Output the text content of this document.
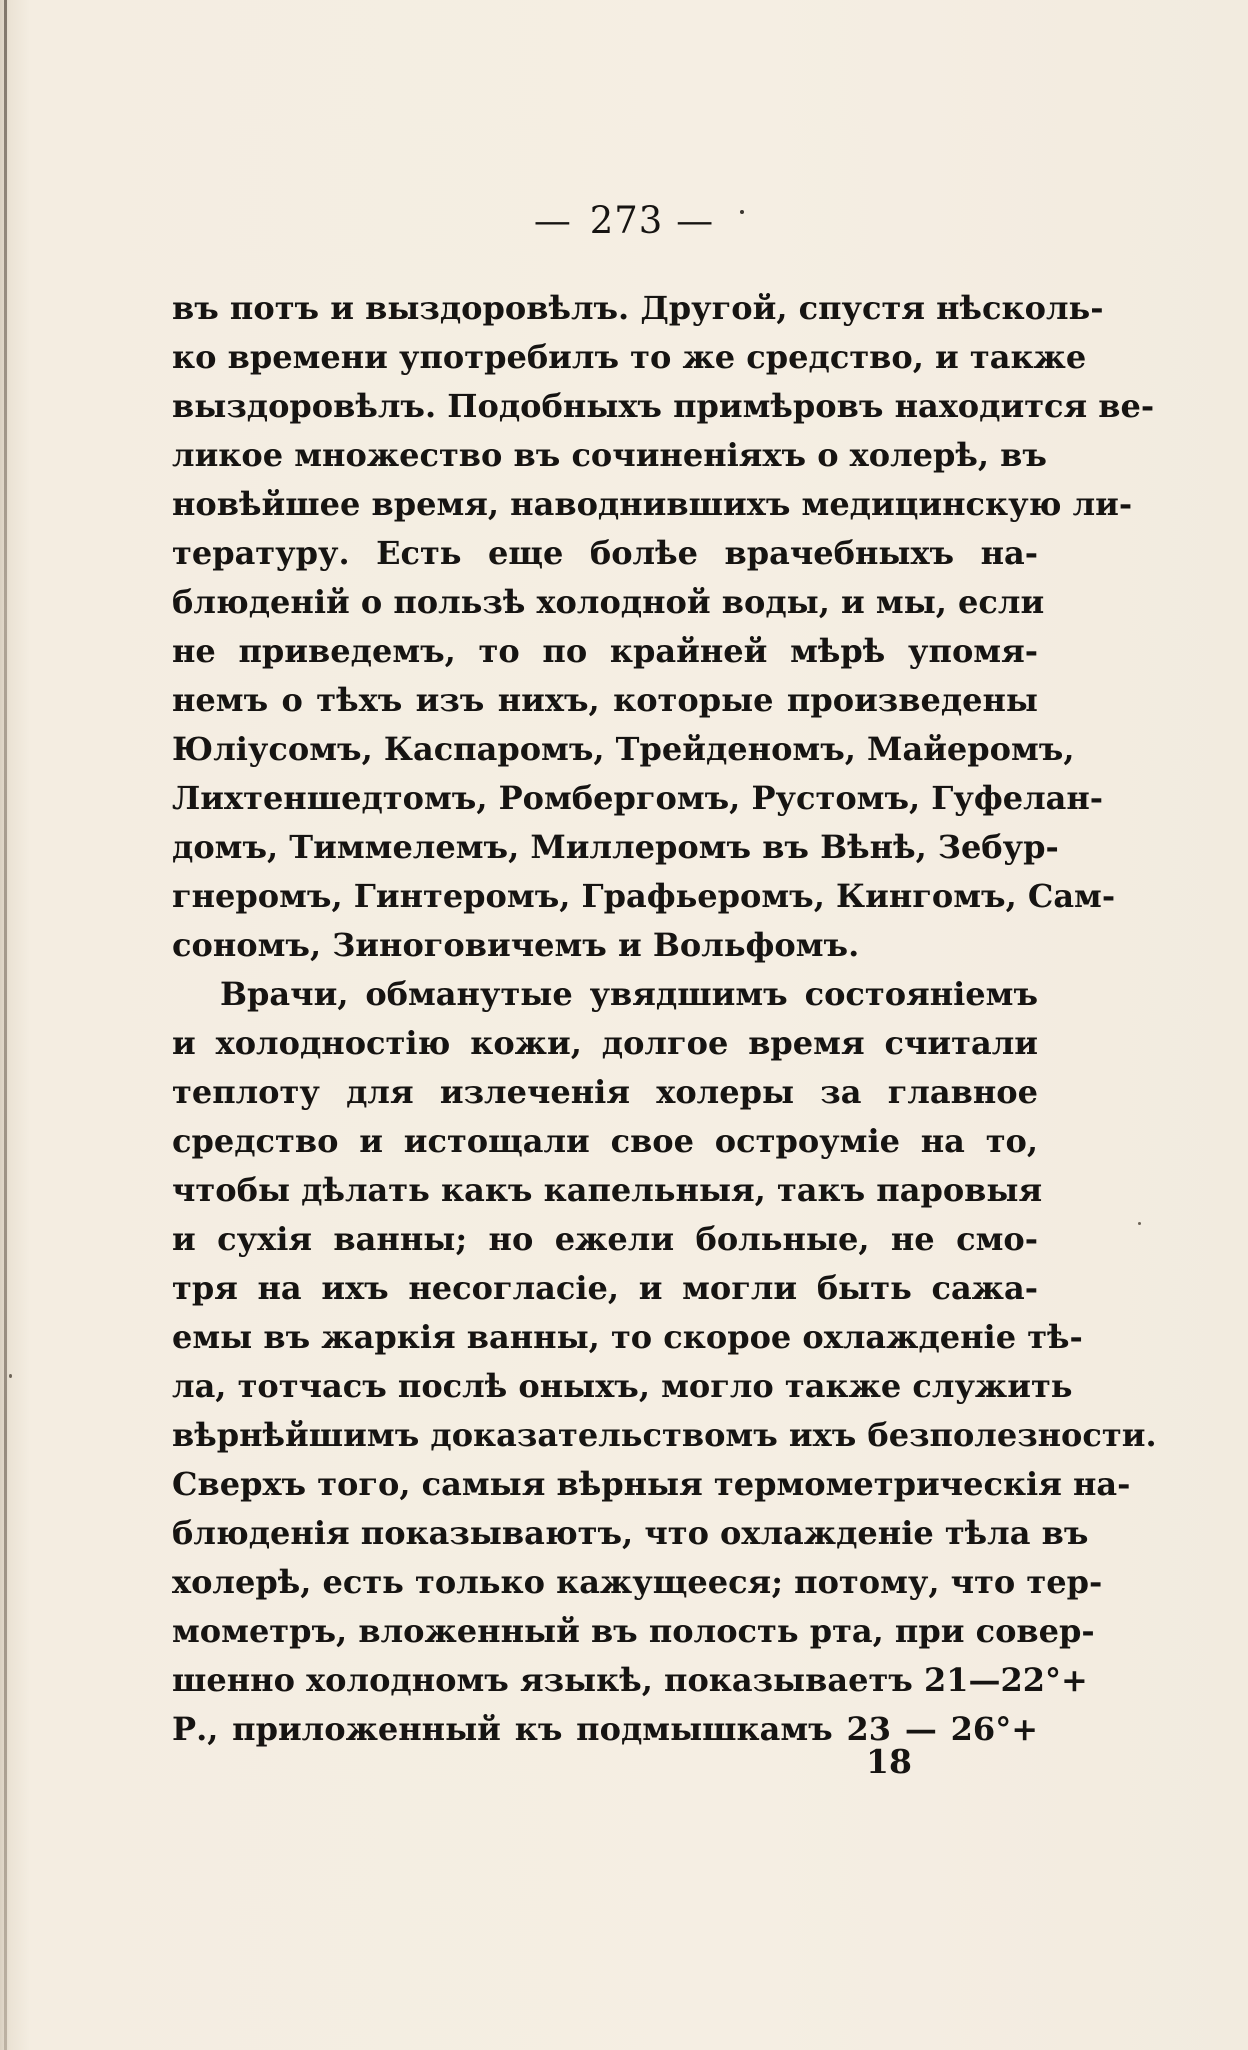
— 273 —
въ потъ и выздоровѣлъ. Другой, спустя нѣсколь-
ко времени употребилъ то же средство, и также
выздоровѣлъ. Подобныхъ примѣровъ находится ве-
ликое множество въ сочиненіяхъ о холерѣ, въ
новѣйшее время, наводнившихъ медицинскую ли-
тературу. Есть еще болѣе врачебныхъ на-
блюденій о пользѣ холодной воды, и мы, если
не приведемъ, то по крайней мѣрѣ упомя-
немъ о тѣхъ изъ нихъ, которые произведены
Юліусомъ, Каспаромъ, Трейденомъ, Майеромъ,
Лихтеншедтомъ, Ромбергомъ, Рустомъ, Гуфелан-
домъ, Тиммелемъ, Миллеромъ въ Вѣнѣ, Зебур-
гнеромъ, Гинтеромъ, Графьеромъ, Кингомъ, Сам-
сономъ, Зиноговичемъ и Вольфомъ.
Врачи, обманутые увядшимъ состояніемъ
и холодностію кожи, долгое время считали
теплоту для излеченія холеры за главное
средство и истощали свое остроуміе на то,
чтобы дѣлать какъ капельныя, такъ паровыя
и сухія ванны; но ежели больные, не смо-
тря на ихъ несогласіе, и могли быть сажа-
емы въ жаркія ванны, то скорое охлажденіе тѣ-
ла, тотчасъ послѣ оныхъ, могло также служить
вѣрнѣйшимъ доказательствомъ ихъ безполезности.
Сверхъ того, самыя вѣрныя термометрическія на-
блюденія показываютъ, что охлажденіе тѣла въ
холерѣ, есть только кажущееся; потому, что тер-
мометръ, вложенный въ полость рта, при совер-
шенно холодномъ языкѣ, показываетъ 21—22°+
Р., приложенный къ подмышкамъ 23 — 26°+
18
